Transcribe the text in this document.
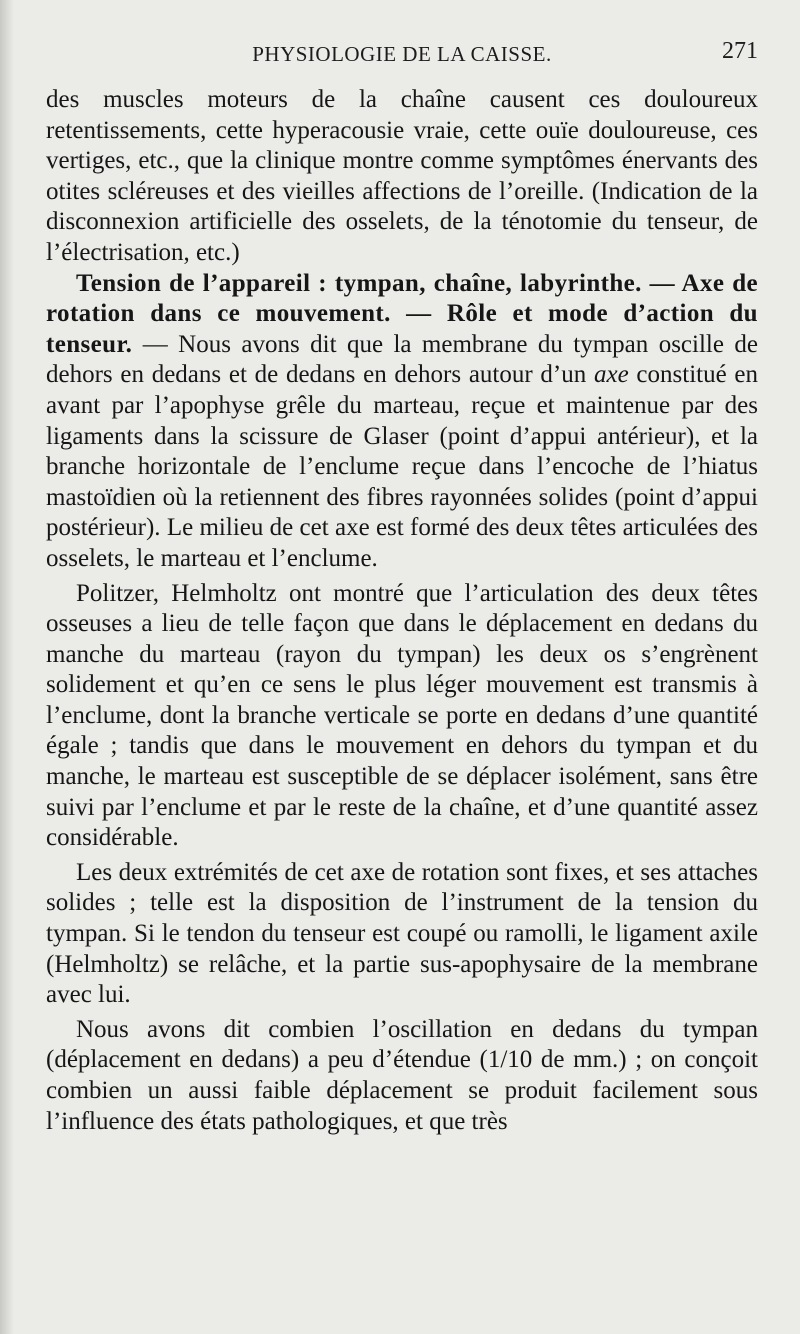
PHYSIOLOGIE DE LA CAISSE.	271

des muscles moteurs de la chaîne causent ces douloureux retentissements, cette hyperacousie vraie, cette ouïe douloureuse, ces vertiges, etc., que la clinique montre comme symptômes énervants des otites scléreuses et des vieilles affections de l’oreille. (Indication de la disconnexion artificielle des osselets, de la ténotomie du tenseur, de l’électrisation, etc.)

Tension de l’appareil : tympan, chaîne, labyrinthe. — Axe de rotation dans ce mouvement. — Rôle et mode d’action du tenseur. — Nous avons dit que la membrane du tympan oscille de dehors en dedans et de dedans en dehors autour d’un axe constitué en avant par l’apophyse grêle du marteau, reçue et maintenue par des ligaments dans la scissure de Glaser (point d’appui antérieur), et la branche horizontale de l’enclume reçue dans l’encoche de l’hiatus mastoïdien où la retiennent des fibres rayonnées solides (point d’appui postérieur). Le milieu de cet axe est formé des deux têtes articulées des osselets, le marteau et l’enclume.

Politzer, Helmholtz ont montré que l’articulation des deux têtes osseuses a lieu de telle façon que dans le déplacement en dedans du manche du marteau (rayon du tympan) les deux os s’engrènent solidement et qu’en ce sens le plus léger mouvement est transmis à l’enclume, dont la branche verticale se porte en dedans d’une quantité égale ; tandis que dans le mouvement en dehors du tympan et du manche, le marteau est susceptible de se déplacer isolément, sans être suivi par l’enclume et par le reste de la chaîne, et d’une quantité assez considérable.

Les deux extrémités de cet axe de rotation sont fixes, et ses attaches solides ; telle est la disposition de l’instrument de la tension du tympan. Si le tendon du tenseur est coupé ou ramolli, le ligament axile (Helmholtz) se relâche, et la partie sus-apophysaire de la membrane avec lui.

Nous avons dit combien l’oscillation en dedans du tympan (déplacement en dedans) a peu d’étendue (1/10 de mm.) ; on conçoit combien un aussi faible déplacement se produit facilement sous l’influence des états pathologiques, et que très
